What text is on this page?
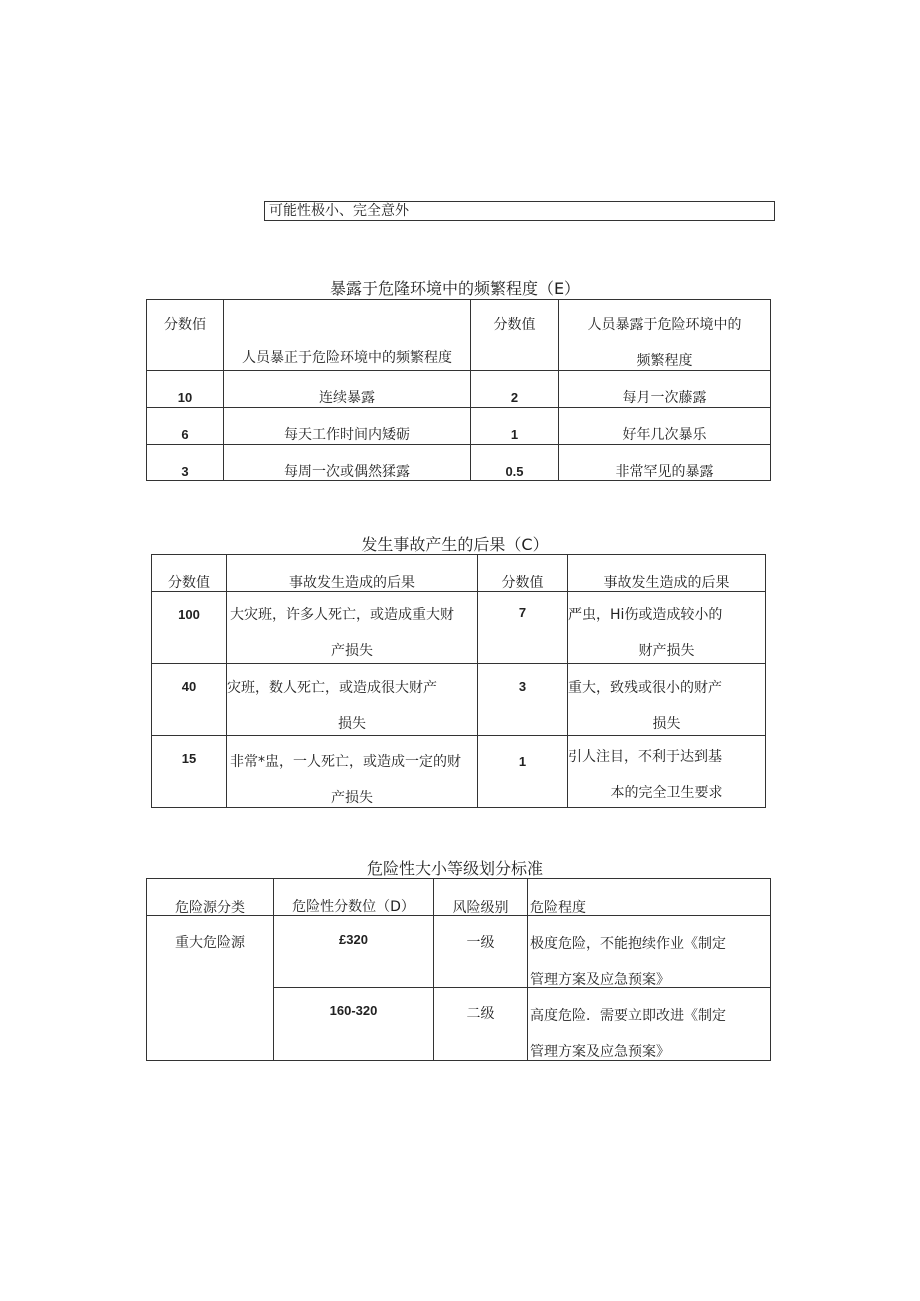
可能性极小、完全意外
暴露于危隆环境中的频繁程度（E）
分数佰	人员暴正于危险环境中的频繁程度	分数值	人员暴露于危险环境中的
频繁程度

10	连续暴露	2	每月一次藤露

6	每天工作时间内矮砺	1	好年几次暴乐

3	每周一次或偶然猱露	0.5	非常罕见的暴露
发生事故产生的后果（C）
分数值	事故发生造成的后果	分数值	事故发生造成的后果

100	大灾班，许多人死亡，或造成重大财
产损失	7	严虫，Hi伤或造成较小的
财产损失

40	灾班，数人死亡，或造成很大财产
损失	3	重大，致残或很小的财产
损失

15	非常*盅，一人死亡，或造成一定的财
产损失	1	引人注目，不利于达到基
本的完全卫生要求
危险性大小等级划分标准
危险源分类	危险性分数位（D）	风险级别	危险程度

重大危险源	£320	一级	极度危险，不能抱续作业《制定
管理方案及应急预案》

	160-320	二级	高度危险．需要立即改进《制定
管理方案及应急预案》
